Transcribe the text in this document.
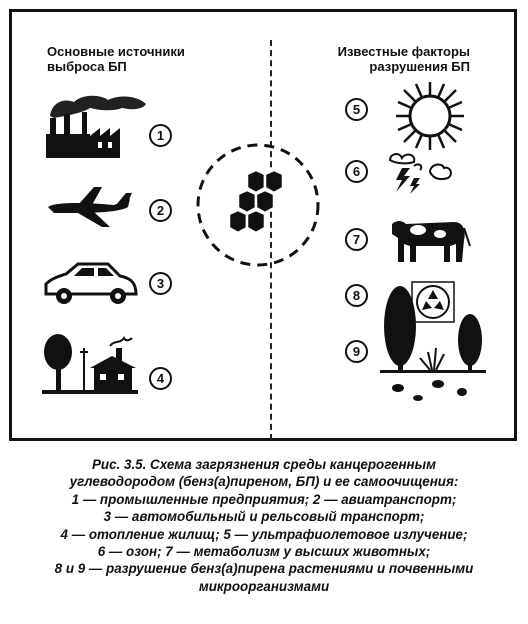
Основные источники
выброса БП
Известные факторы
разрушения БП
1
2
3
4
5
6
7
8
9
Рис. 3.5. Схема загрязнения среды канцерогенным
углеводородом (бенз(а)пиреном, БП) и ее самоочищения:
1 — промышленные предприятия; 2 — авиатранспорт;
3 — автомобильный и рельсовый транспорт;
4 — отопление жилищ; 5 — ультрафиолетовое излучение;
6 — озон; 7 — метаболизм у высших животных;
8 и 9 — разрушение бенз(а)пирена растениями и почвенными
микроорганизмами
